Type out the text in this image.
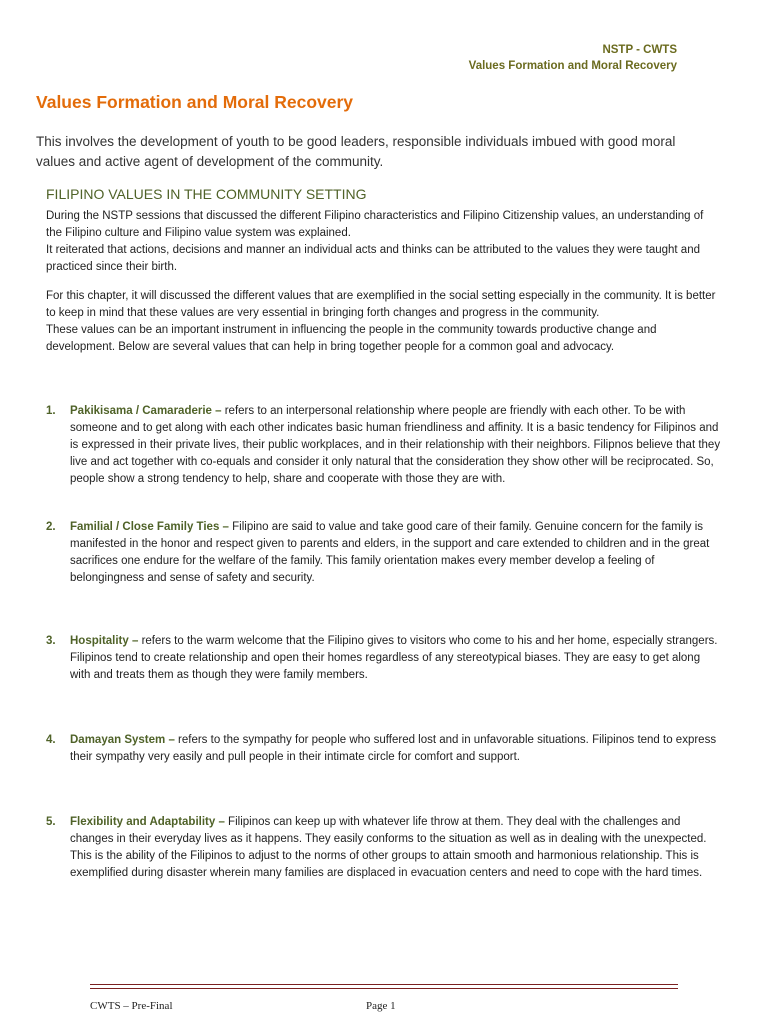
NSTP - CWTS
Values Formation and Moral Recovery
Values Formation and Moral Recovery

This involves the development of youth to be good leaders, responsible individuals imbued with good moral values and active agent of development of the community.

FILIPINO VALUES IN THE COMMUNITY SETTING
During the NSTP sessions that discussed the different Filipino characteristics and Filipino Citizenship values, an understanding of the Filipino culture and Filipino value system was explained.
It reiterated that actions, decisions and manner an individual acts and thinks can be attributed to the values they were taught and practiced since their birth.
For this chapter, it will discussed the different values that are exemplified in the social setting especially in the community. It is better to keep in mind that these values are very essential in bringing forth changes and progress in the community.
These values can be an important instrument in influencing the people in the community towards productive change and development. Below are several values that can help in bring together people for a common goal and advocacy.
1. Pakikisama / Camaraderie – refers to an interpersonal relationship where people are friendly with each other. To be with someone and to get along with each other indicates basic human friendliness and affinity. It is a basic tendency for Filipinos and is expressed in their private lives, their public workplaces, and in their relationship with their neighbors. Filipnos believe that they live and act together with co-equals and consider it only natural that the consideration they show other will be reciprocated. So, people show a strong tendency to help, share and cooperate with those they are with.
2. Familial / Close Family Ties – Filipino are said to value and take good care of their family. Genuine concern for the family is manifested in the honor and respect given to parents and elders, in the support and care extended to children and in the great sacrifices one endure for the welfare of the family. This family orientation makes every member develop a feeling of belongingness and sense of safety and security.
3. Hospitality – refers to the warm welcome that the Filipino gives to visitors who come to his and her home, especially strangers. Filipinos tend to create relationship and open their homes regardless of any stereotypical biases. They are easy to get along with and treats them as though they were family members.
4. Damayan System – refers to the sympathy for people who suffered lost and in unfavorable situations. Filipinos tend to express their sympathy very easily and pull people in their intimate circle for comfort and support.
5. Flexibility and Adaptability – Filipinos can keep up with whatever life throw at them. They deal with the challenges and changes in their everyday lives as it happens. They easily conforms to the situation as well as in dealing with the unexpected. This is the ability of the Filipinos to adjust to the norms of other groups to attain smooth and harmonious relationship. This is exemplified during disaster wherein many families are displaced in evacuation centers and need to cope with the hard times.
CWTS – Pre-Final	Page 1
